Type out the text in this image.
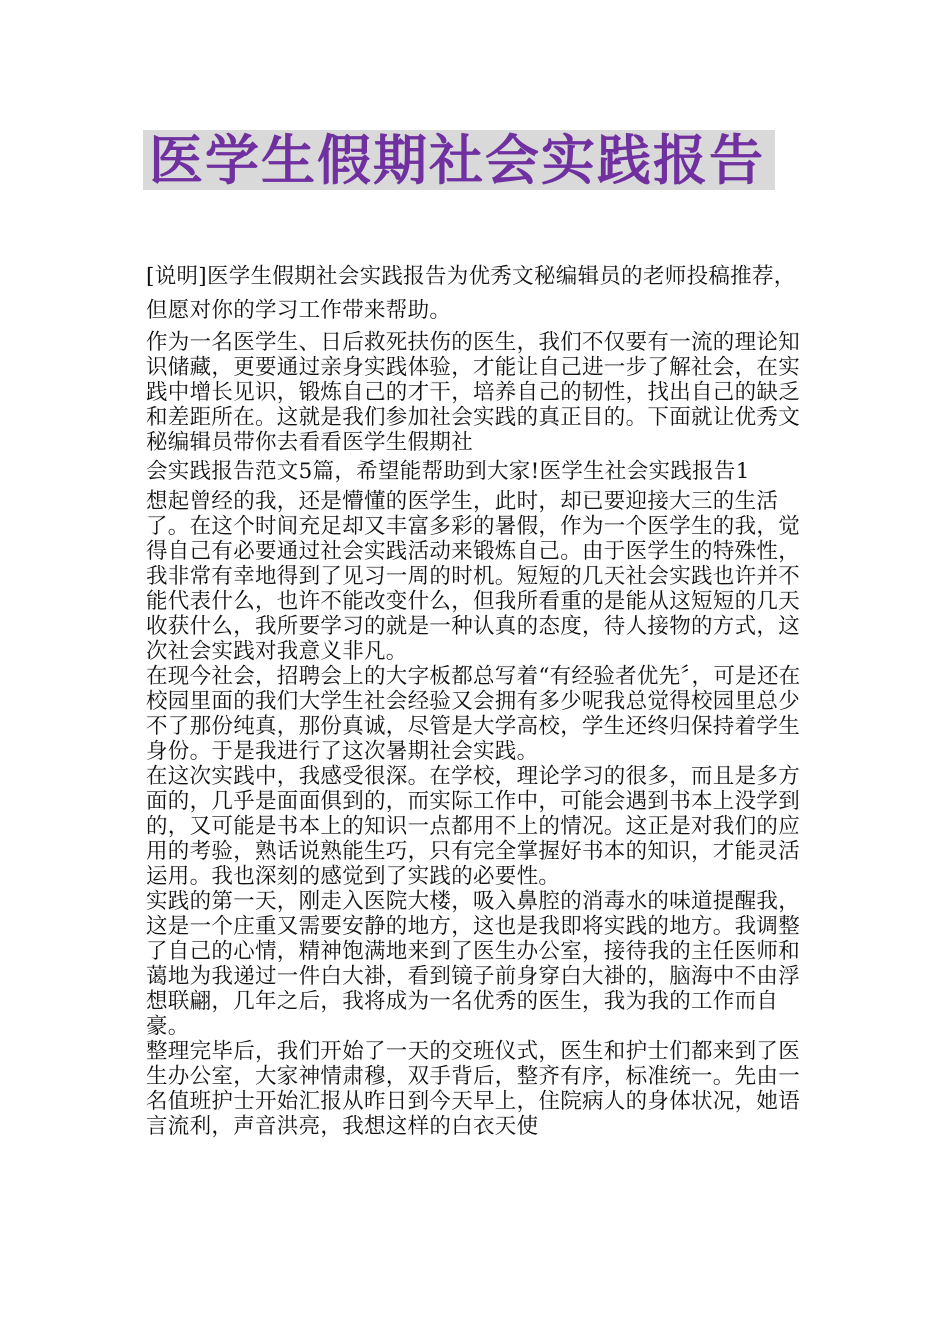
医学生假期社会实践报告

[说明]医学生假期社会实践报告为优秀文秘编辑员的老师投稿推荐，但愿对你的学习工作带来帮助。

作为一名医学生、日后救死扶伤的医生，我们不仅要有一流的理论知识储藏，更要通过亲身实践体验，才能让自己进一步了解社会，在实践中增长见识，锻炼自己的才干，培养自己的韧性，找出自己的缺乏和差距所在。这就是我们参加社会实践的真正目的。下面就让优秀文秘编辑员带你去看看医学生假期社

会实践报告范文5篇，希望能帮助到大家!医学生社会实践报告1

想起曾经的我，还是懵懂的医学生，此时，却已要迎接大三的生活了。在这个时间充足却又丰富多彩的暑假，作为一个医学生的我，觉得自己有必要通过社会实践活动来锻炼自己。由于医学生的特殊性，我非常有幸地得到了见习一周的时机。短短的几天社会实践也许并不能代表什么，也许不能改变什么，但我所看重的是能从这短短的几天收获什么，我所要学习的就是一种认真的态度，待人接物的方式，这次社会实践对我意义非凡。

在现今社会，招聘会上的大字板都总写着“有经验者优先〞，可是还在校园里面的我们大学生社会经验又会拥有多少呢我总觉得校园里总少不了那份纯真，那份真诚，尽管是大学高校，学生还终归保持着学生身份。于是我进行了这次暑期社会实践。

在这次实践中，我感受很深。在学校，理论学习的很多，而且是多方面的，几乎是面面俱到的，而实际工作中，可能会遇到书本上没学到的，又可能是书本上的知识一点都用不上的情况。这正是对我们的应用的考验，熟话说熟能生巧，只有完全掌握好书本的知识，才能灵活运用。我也深刻的感觉到了实践的必要性。

实践的第一天，刚走入医院大楼，吸入鼻腔的消毒水的味道提醒我，这是一个庄重又需要安静的地方，这也是我即将实践的地方。我调整了自己的心情，精神饱满地来到了医生办公室，接待我的主任医师和蔼地为我递过一件白大褂，看到镜子前身穿白大褂的，脑海中不由浮想联翩，几年之后，我将成为一名优秀的医生，我为我的工作而自豪。

整理完毕后，我们开始了一天的交班仪式，医生和护士们都来到了医生办公室，大家神情肃穆，双手背后，整齐有序，标准统一。先由一名值班护士开始汇报从昨日到今天早上，住院病人的身体状况，她语言流利，声音洪亮，我想这样的白衣天使
